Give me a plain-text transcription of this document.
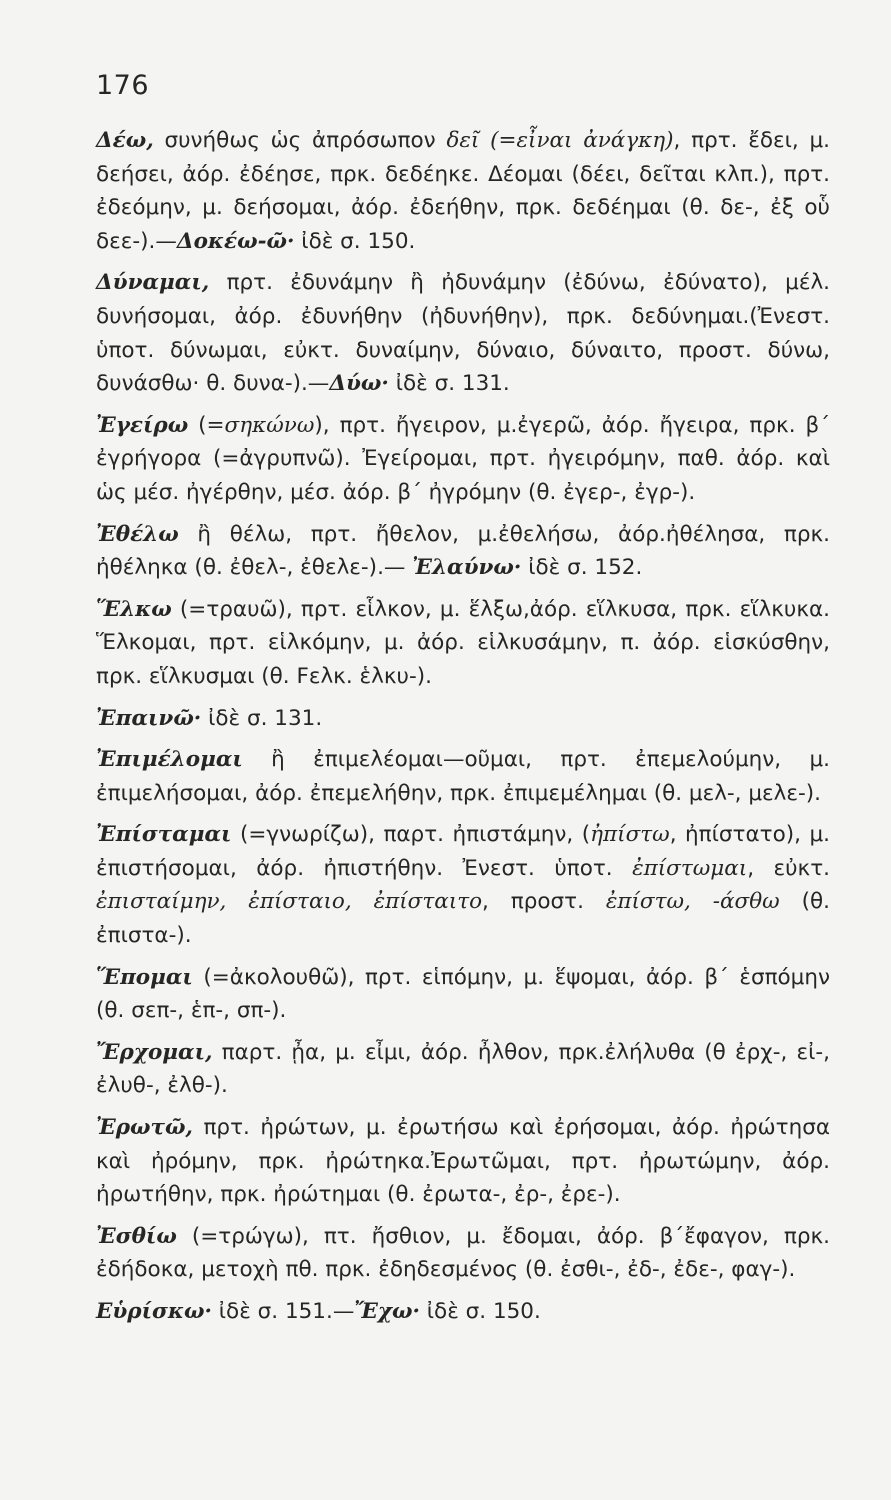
176

Δέω, συνήθως ὡς ἀπρόσωπον δεῖ (=εἶναι ἀνάγκη), πρτ. ἔδει, μ. δεήσει, ἀόρ. ἐδέησε, πρκ. δεδέηκε. Δέομαι (δέει, δεῖται κλπ.), πρτ. ἐδεόμην, μ. δεήσομαι, ἀόρ. ἐδεήθην, πρκ. δεδέημαι (θ. δε-, ἐξ οὗ δεε-).—Δοκέω-ῶ· ἰδὲ σ. 150.

Δύναμαι, πρτ. ἐδυνάμην ἢ ἠδυνάμην (ἐδύνω, ἐδύνατο), μέλ. δυνήσομαι, ἀόρ. ἐδυνήθην (ἠδυνήθην), πρκ. δεδύνημαι.(Ἐνεστ. ὑποτ. δύνωμαι, εὐκτ. δυναίμην, δύναιο, δύναιτο, προστ. δύνω, δυνάσθω· θ. δυνα-).—Δύω· ἰδὲ σ. 131.

Ἐγείρω (=σηκώνω), πρτ. ἤγειρον, μ.ἐγερῶ, ἀόρ. ἤγειρα, πρκ. β΄ ἐγρήγορα (=ἀγρυπνῶ). Ἐγείρομαι, πρτ. ἠγειρόμην, παθ. ἀόρ. καὶ ὡς μέσ. ἠγέρθην, μέσ. ἀόρ. β΄ ἠγρόμην (θ. ἐγερ-, ἐγρ-).

Ἐθέλω ἢ θέλω, πρτ. ἤθελον, μ.ἐθελήσω, ἀόρ.ἠθέλησα, πρκ. ἠθέληκα (θ. ἐθελ-, ἐθελε-).— Ἐλαύνω· ἰδὲ σ. 152.

Ἕλκω (=τραυῶ), πρτ. εἷλκον, μ. ἕλξω,ἀόρ. εἵλκυσα, πρκ. εἵλκυκα. Ἕλκομαι, πρτ. εἱλκόμην, μ. ἀόρ. εἱλκυσάμην, π. ἀόρ. εἱσκύσθην, πρκ. εἵλκυσμαι (θ. Ϝελκ. ἑλκυ-).

Ἐπαινῶ· ἰδὲ σ. 131.

Ἐπιμέλομαι ἢ ἐπιμελέομαι—οῦμαι, πρτ. ἐπεμελούμην, μ. ἐπιμελήσομαι, ἀόρ. ἐπεμελήθην, πρκ. ἐπιμεμέλημαι (θ. μελ-, μελε-).

Ἐπίσταμαι (=γνωρίζω), παρτ. ἠπιστάμην, (ἠπίστω, ἠπίστατο), μ. ἐπιστήσομαι, ἀόρ. ἠπιστήθην. Ἐνεστ. ὑποτ. ἐπίστωμαι, εὐκτ. ἐπισταίμην, ἐπίσταιο, ἐπίσταιτο, προστ. ἐπίστω, -άσθω (θ. ἐπιστα-).

Ἕπομαι (=ἀκολουθῶ), πρτ. εἱπόμην, μ. ἕψομαι, ἀόρ. β΄ ἑσπόμην (θ. σεπ-, ἑπ-, σπ-).

Ἔρχομαι, παρτ. ᾖα, μ. εἶμι, ἀόρ. ἦλθον, πρκ.ἐλήλυθα (θ ἐρχ-, εἰ-, ἐλυθ-, ἐλθ-).

Ἐρωτῶ, πρτ. ἠρώτων, μ. ἐρωτήσω καὶ ἐρήσομαι, ἀόρ. ἠρώτησα καὶ ἠρόμην, πρκ. ἠρώτηκα.Ἐρωτῶμαι, πρτ. ἠρωτώμην, ἀόρ. ἠρωτήθην, πρκ. ἠρώτημαι (θ. ἐρωτα-, ἐρ-, ἐρε-).

Ἐσθίω (=τρώγω), πτ. ἤσθιον, μ. ἔδομαι, ἀόρ. β΄ἔφαγον, πρκ. ἐδήδοκα, μετοχὴ πθ. πρκ. ἐδηδεσμένος (θ. ἐσθι-, ἐδ-, ἐδε-, φαγ-).

Εὑρίσκω· ἰδὲ σ. 151.—Ἔχω· ἰδὲ σ. 150.
